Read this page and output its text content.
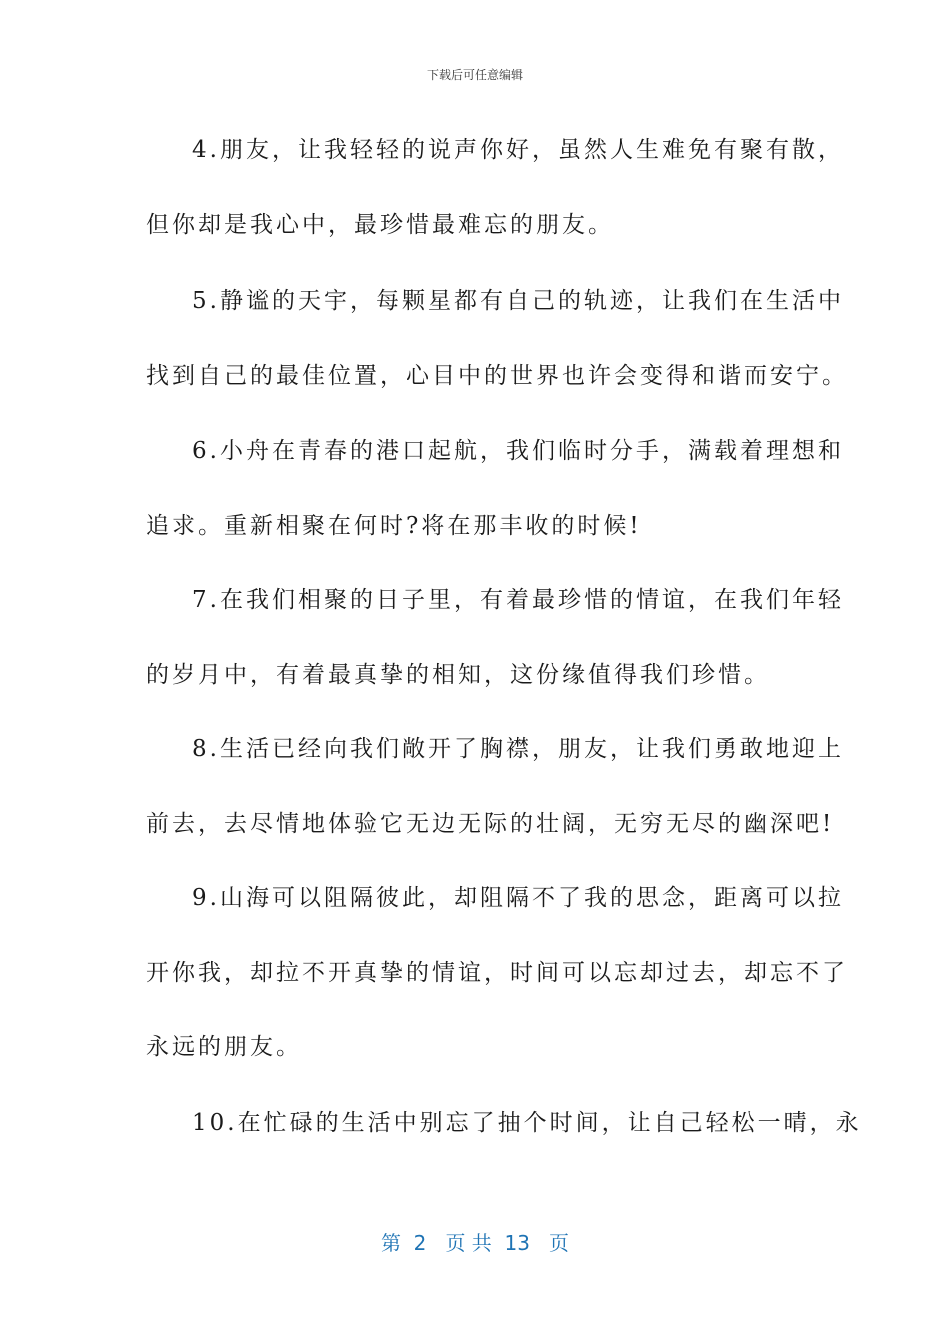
下载后可任意编辑
4.朋友，让我轻轻的说声你好，虽然人生难免有聚有散，
但你却是我心中，最珍惜最难忘的朋友。
5.静谧的天宇，每颗星都有自己的轨迹，让我们在生活中
找到自己的最佳位置，心目中的世界也许会变得和谐而安宁。
6.小舟在青春的港口起航，我们临时分手，满载着理想和
追求。重新相聚在何时?将在那丰收的时候!
7.在我们相聚的日子里，有着最珍惜的情谊，在我们年轻
的岁月中，有着最真挚的相知，这份缘值得我们珍惜。
8.生活已经向我们敞开了胸襟，朋友，让我们勇敢地迎上
前去，去尽情地体验它无边无际的壮阔，无穷无尽的幽深吧!
9.山海可以阻隔彼此，却阻隔不了我的思念，距离可以拉
开你我，却拉不开真挚的情谊，时间可以忘却过去，却忘不了
永远的朋友。
10.在忙碌的生活中别忘了抽个时间，让自己轻松一晴，永
第  2   页 共  13   页
